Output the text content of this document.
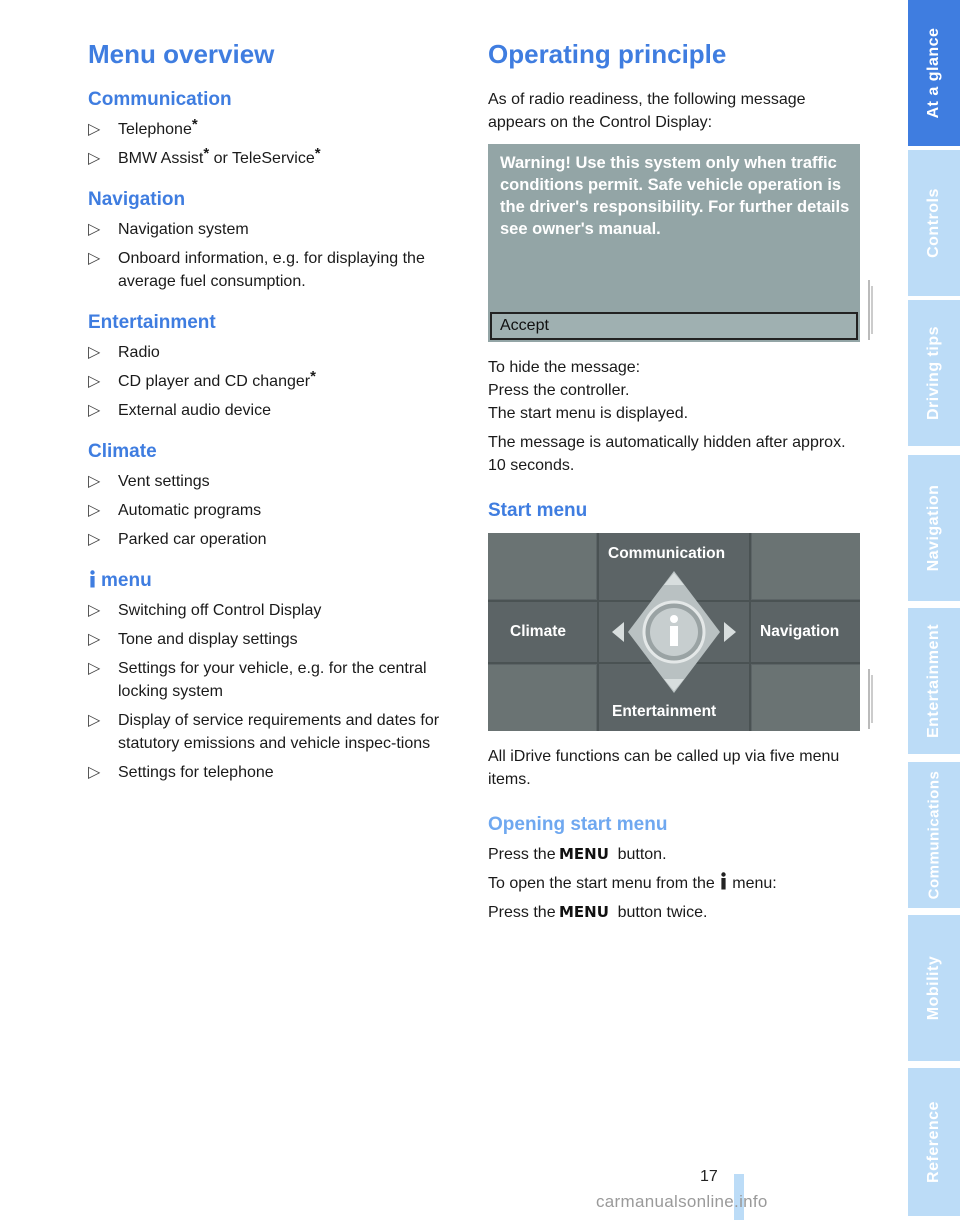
Menu overview
Communication
▷ Telephone*
▷ BMW Assist* or TeleService*
Navigation
▷ Navigation system
▷ Onboard information, e.g. for displaying the average fuel consumption.
Entertainment
▷ Radio
▷ CD player and CD changer*
▷ External audio device
Climate
▷ Vent settings
▷ Automatic programs
▷ Parked car operation
menu
▷ Switching off Control Display
▷ Tone and display settings
▷ Settings for your vehicle, e.g. for the central locking system
▷ Display of service requirements and dates for statutory emissions and vehicle inspec-tions
▷ Settings for telephone
Operating principle

As of radio readiness, the following message appears on the Control Display:

Warning! Use this system only when traffic conditions permit. Safe vehicle operation is the driver's responsibility. For further details see owner's manual.
Accept

To hide the message:

Press the controller.

The start menu is displayed.

The message is automatically hidden after approx. 10 seconds.

Start menu
Communication
Climate	Navigation
Entertainment

All iDrive functions can be called up via five menu items.

Opening start menu

Press the MENU button.

To open the start menu from the menu:

Press the MENU button twice.

At a glance
Controls
Driving tips
Navigation
Entertainment
Communications
Mobility
Reference
17
carmanualsonline.info
